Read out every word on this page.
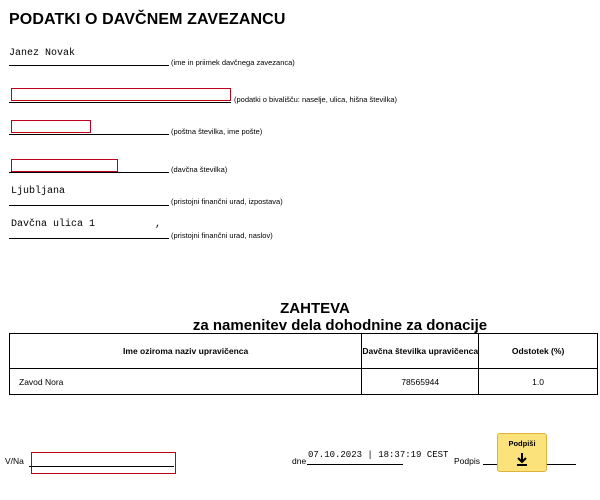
PODATKI O DAVČNEM ZAVEZANCU
Janez Novak
(ime in priimek davčnega zavezanca)
(podatki o bivališču: naselje, ulica, hišna številka)
(poštna številka, ime pošte)
(davčna številka)
Ljubljana
(pristojni finančni urad, izpostava)
Davčna ulica 1	,
(pristojni finančni urad, naslov)
ZAHTEVA
za namenitev dela dohodnine za donacije
Ime oziroma naziv upravičenca	Davčna številka upravičenca	Odstotek (%)
Zavod Nora	78565944	1.0
V/Na	dne
07.10.2023 | 18:37:19 CEST
Podpis
Podpiši
